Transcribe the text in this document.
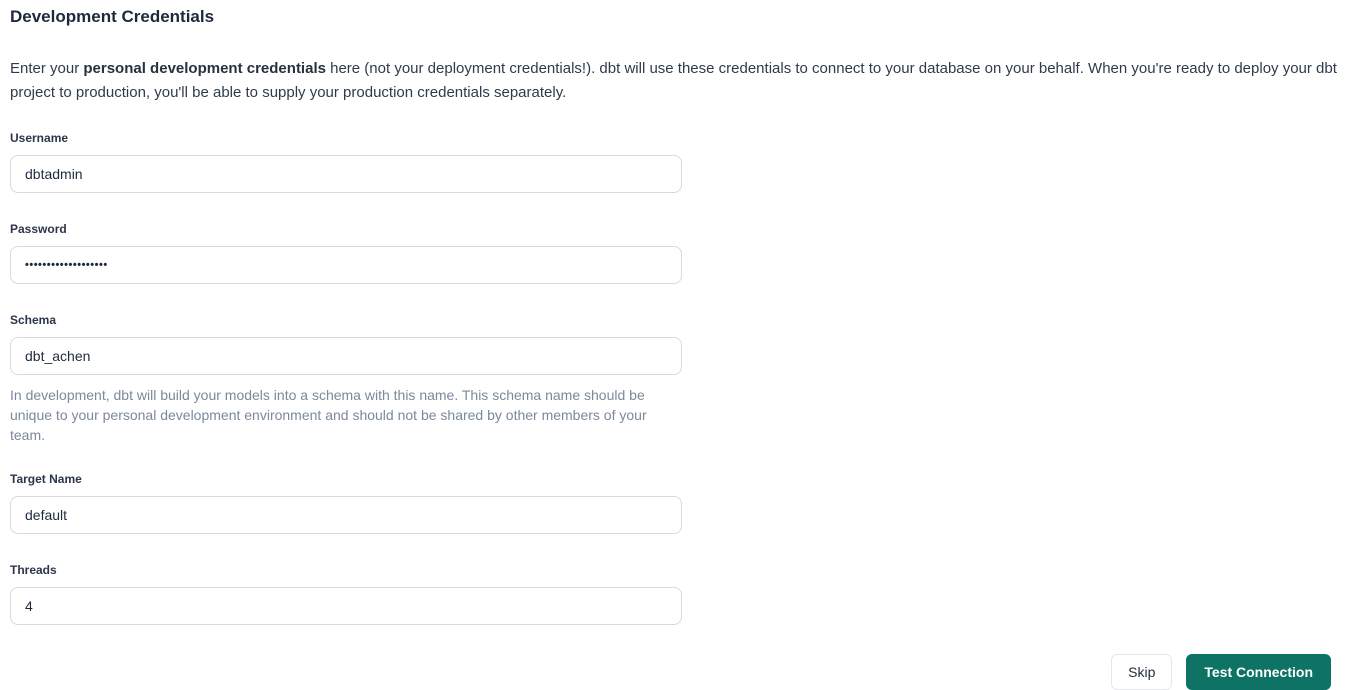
Development Credentials

Enter your personal development credentials here (not your deployment credentials!). dbt will use these credentials to connect to your database on your behalf. When you're ready to deploy your dbt project to production, you'll be able to supply your production credentials separately.

Username
dbtadmin
Password
•••••••••••••••••••
Schema
dbt_achen
In development, dbt will build your models into a schema with this name. This schema name should be unique to your personal development environment and should not be shared by other members of your team.
Target Name
default
Threads
4
Skip	Test Connection
